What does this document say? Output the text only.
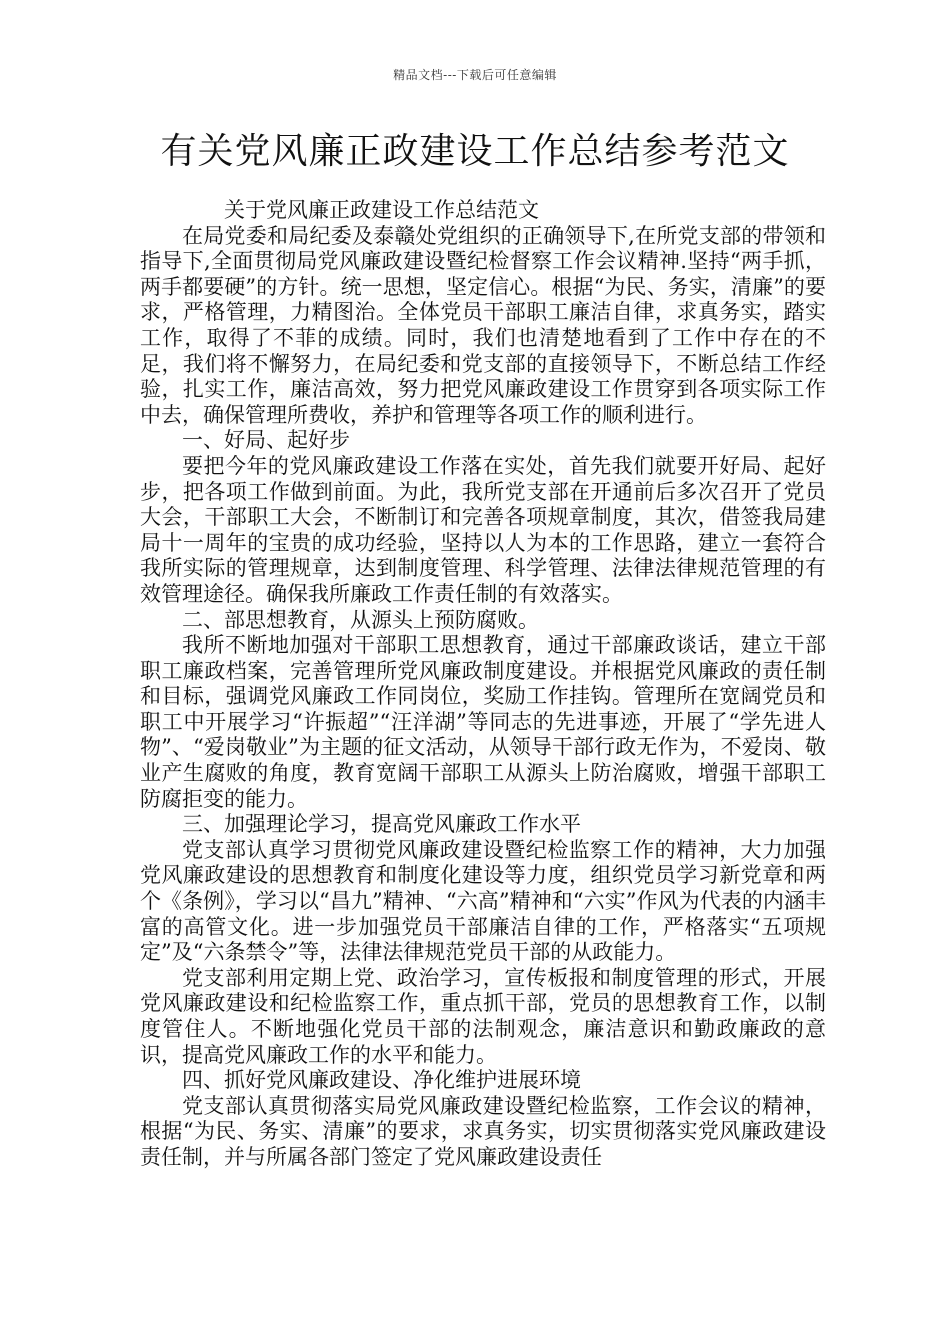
精品文档---下载后可任意编辑
有关党风廉正政建设工作总结参考范文

关于党风廉正政建设工作总结范文

在局党委和局纪委及泰赣处党组织的正确领导下,在所党支部的带领和指导下,全面贯彻局党风廉政建设暨纪检督察工作会议精神.坚持“两手抓，两手都要硬”的方针。统一思想，坚定信心。根据“为民、务实，清廉”的要求，严格管理，力精图治。全体党员干部职工廉洁自律，求真务实，踏实工作，取得了不菲的成绩。同时，我们也清楚地看到了工作中存在的不足，我们将不懈努力，在局纪委和党支部的直接领导下，不断总结工作经验，扎实工作，廉洁高效，努力把党风廉政建设工作贯穿到各项实际工作中去，确保管理所费收，养护和管理等各项工作的顺利进行。

一、好局、起好步

要把今年的党风廉政建设工作落在实处，首先我们就要开好局、起好步，把各项工作做到前面。为此，我所党支部在开通前后多次召开了党员大会，干部职工大会，不断制订和完善各项规章制度，其次，借签我局建局十一周年的宝贵的成功经验，坚持以人为本的工作思路，建立一套符合我所实际的管理规章，达到制度管理、科学管理、法律法律规范管理的有效管理途径。确保我所廉政工作责任制的有效落实。

二、部思想教育，从源头上预防腐败。

我所不断地加强对干部职工思想教育，通过干部廉政谈话，建立干部职工廉政档案，完善管理所党风廉政制度建设。并根据党风廉政的责任制和目标，强调党风廉政工作同岗位，奖励工作挂钩。管理所在宽阔党员和职工中开展学习“许振超”“汪洋湖”等同志的先进事迹，开展了“学先进人物”、“爱岗敬业”为主题的征文活动，从领导干部行政无作为，不爱岗、敬业产生腐败的角度，教育宽阔干部职工从源头上防治腐败，增强干部职工防腐拒变的能力。

三、加强理论学习，提高党风廉政工作水平

党支部认真学习贯彻党风廉政建设暨纪检监察工作的精神，大力加强党风廉政建设的思想教育和制度化建设等力度，组织党员学习新党章和两个《条例》，学习以“昌九”精神、“六高”精神和“六实”作风为代表的内涵丰富的高管文化。进一步加强党员干部廉洁自律的工作，严格落实“五项规定”及“六条禁令”等，法律法律规范党员干部的从政能力。

党支部利用定期上党、政治学习，宣传板报和制度管理的形式，开展党风廉政建设和纪检监察工作，重点抓干部，党员的思想教育工作，以制度管住人。不断地强化党员干部的法制观念，廉洁意识和勤政廉政的意识，提高党风廉政工作的水平和能力。

四、抓好党风廉政建设、净化维护进展环境

党支部认真贯彻落实局党风廉政建设暨纪检监察，工作会议的精神，根据“为民、务实、清廉”的要求，求真务实，切实贯彻落实党风廉政建设责任制，并与所属各部门签定了党风廉政建设责任
